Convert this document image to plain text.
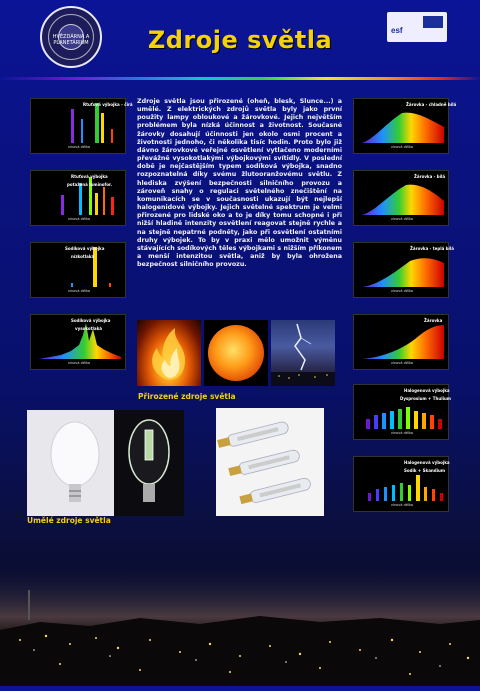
HVĚZDÁRNA A PLANETÁRIUM	Zdroje světla	esf
Rtuťová výbojka - čirá
vlnová délka
Rtuťová výbojka
potažená luminofor.
vlnová délka
Sodíková výbojka
nízkotlaká
vlnová délka
Sodíková výbojka
vysokotlaká
vlnová délka
Zdroje světla jsou přirozené (oheň, blesk, Slunce...) a umělé. Z elektrických zdrojů světla byly jako první použity lampy obloukové a žárovkové. Jejich největším problémem byla nízká účinnost a životnost. Současné žárovky dosahují účinnosti jen okolo osmi procent a životnosti jednoho, či několika tisíc hodin. Proto bylo již dávno žárovkové veřejné osvětlení vytlačeno moderními převážně vysokotlakými výbojkovými svítidly. V poslední době je nejčastějším typem sodíková výbojka, snadno rozpoznatelná díky svému žlutooranžovému světlu. Z hlediska zvýšení bezpečnosti silničního provozu a zároveň snahy o regulaci světelného znečištění na komunikacích se v současnosti ukazují být nejlepší halogenidové výbojky. Jejich světelné spektrum je velmi přirozené pro lidské oko a to je díky tomu schopné i při nižší hladině intenzity osvětlení reagovat stejně rychle a na stejně nepatrné podněty, jako při osvětlení ostatními druhy výbojek. To by v praxi mělo umožnit výměnu stávajících sodíkových těles výbojkami s nižším příkonem a menší intenzitou světla, aniž by byla ohrožena bezpečnost silničního provozu.
Přirozené zdroje světla
Žárovka - chladně bílá
vlnová délka
Žárovka - bílá
vlnová délka
Žárovka - teplá bílá
vlnová délka
Žárovka
vlnová délka
Halogenová výbojka
Dysprosium + Thulium
vlnová délka
Halogenová výbojka
Sodík + Skandium
vlnová délka
Umělé zdroje světla
